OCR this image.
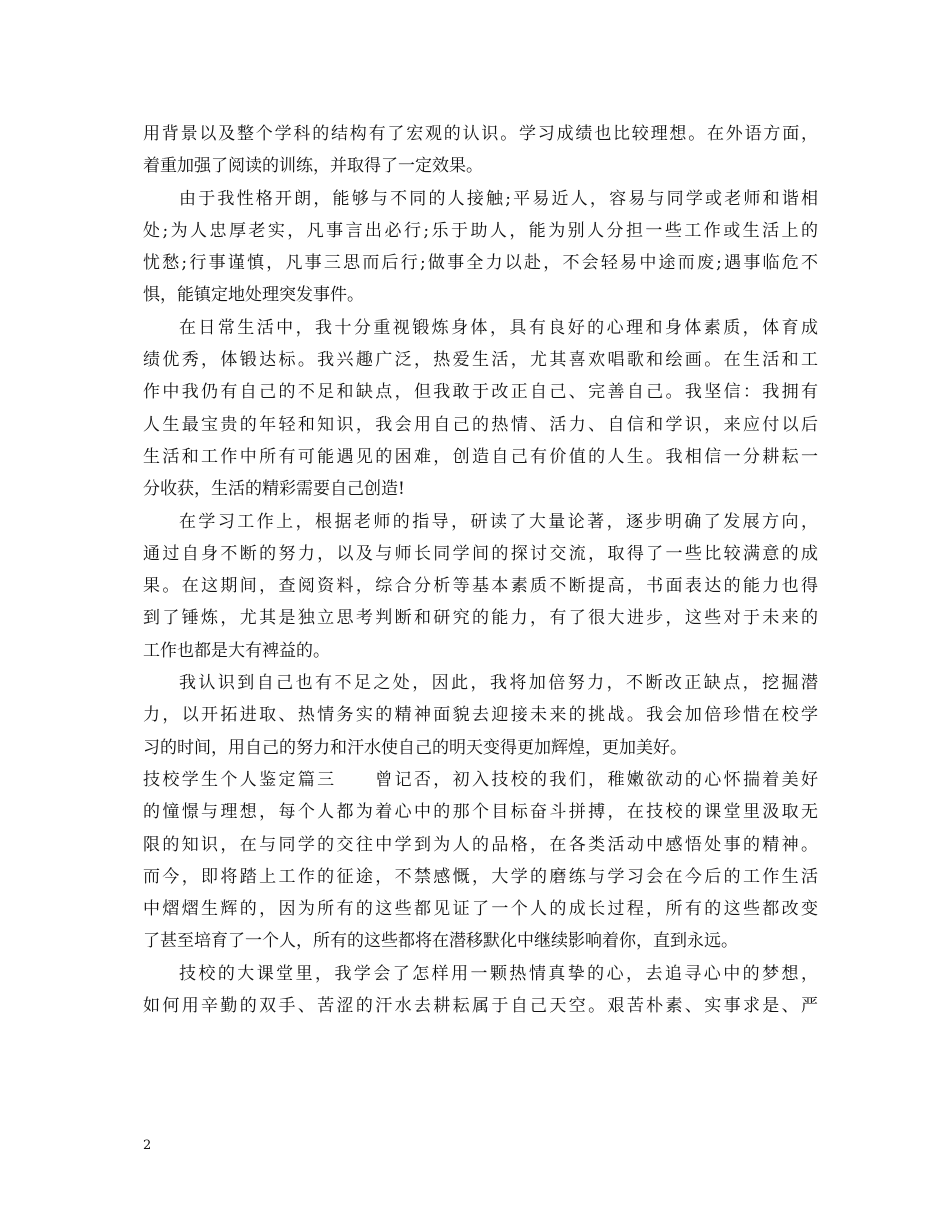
用背景以及整个学科的结构有了宏观的认识。学习成绩也比较理想。在外语方面，
着重加强了阅读的训练，并取得了一定效果。
由于我性格开朗，能够与不同的人接触;平易近人，容易与同学或老师和谐相
处;为人忠厚老实，凡事言出必行;乐于助人，能为别人分担一些工作或生活上的
忧愁;行事谨慎，凡事三思而后行;做事全力以赴，不会轻易中途而废;遇事临危不
惧，能镇定地处理突发事件。
在日常生活中，我十分重视锻炼身体，具有良好的心理和身体素质，体育成
绩优秀，体锻达标。我兴趣广泛，热爱生活，尤其喜欢唱歌和绘画。在生活和工
作中我仍有自己的不足和缺点，但我敢于改正自己、完善自己。我坚信：我拥有
人生最宝贵的年轻和知识，我会用自己的热情、活力、自信和学识，来应付以后
生活和工作中所有可能遇见的困难，创造自己有价值的人生。我相信一分耕耘一
分收获，生活的精彩需要自己创造!
在学习工作上，根据老师的指导，研读了大量论著，逐步明确了发展方向，
通过自身不断的努力，以及与师长同学间的探讨交流，取得了一些比较满意的成
果。在这期间，查阅资料，综合分析等基本素质不断提高，书面表达的能力也得
到了锤炼，尤其是独立思考判断和研究的能力，有了很大进步，这些对于未来的
工作也都是大有裨益的。
我认识到自己也有不足之处，因此，我将加倍努力，不断改正缺点，挖掘潜
力，以开拓进取、热情务实的精神面貌去迎接未来的挑战。我会加倍珍惜在校学
习的时间，用自己的努力和汗水使自己的明天变得更加辉煌，更加美好。
技校学生个人鉴定篇三　　曾记否，初入技校的我们，稚嫩欲动的心怀揣着美好
的憧憬与理想，每个人都为着心中的那个目标奋斗拼搏，在技校的课堂里汲取无
限的知识，在与同学的交往中学到为人的品格，在各类活动中感悟处事的精神。
而今，即将踏上工作的征途，不禁感慨，大学的磨练与学习会在今后的工作生活
中熠熠生辉的，因为所有的这些都见证了一个人的成长过程，所有的这些都改变
了甚至培育了一个人，所有的这些都将在潜移默化中继续影响着你，直到永远。
技校的大课堂里，我学会了怎样用一颗热情真挚的心，去追寻心中的梦想，
如何用辛勤的双手、苦涩的汗水去耕耘属于自己天空。艰苦朴素、实事求是、严
2
